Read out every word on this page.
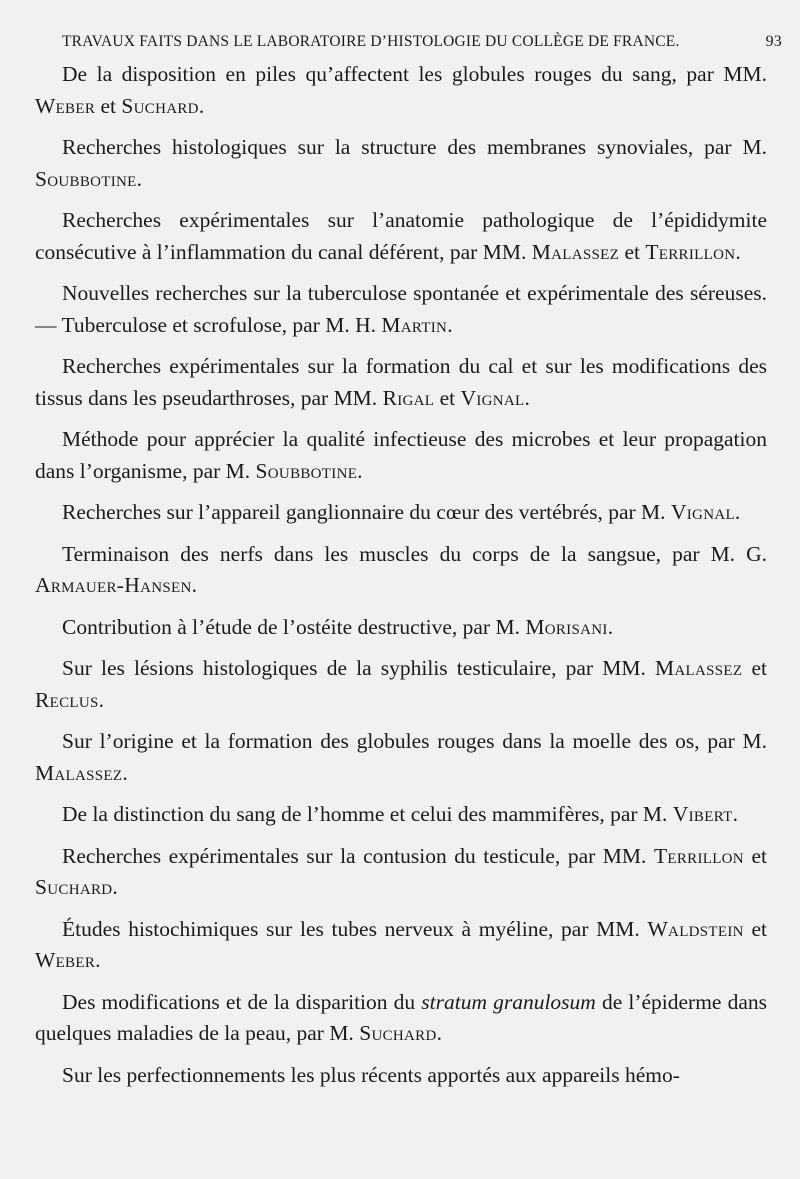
TRAVAUX FAITS DANS LE LABORATOIRE D’HISTOLOGIE DU COLLÈGE DE FRANCE.	93

De la disposition en piles qu’affectent les globules rouges du sang, par MM. Weber et Suchard.

Recherches histologiques sur la structure des membranes synoviales, par M. Soubbotine.

Recherches expérimentales sur l’anatomie pathologique de l’épididymite consécutive à l’inflammation du canal déférent, par MM. Malassez et Terrillon.

Nouvelles recherches sur la tuberculose spontanée et expérimentale des séreuses. — Tuberculose et scrofulose, par M. H. Martin.

Recherches expérimentales sur la formation du cal et sur les modifications des tissus dans les pseudarthroses, par MM. Rigal et Vignal.

Méthode pour apprécier la qualité infectieuse des microbes et leur propagation dans l’organisme, par M. Soubbotine.

Recherches sur l’appareil ganglionnaire du cœur des vertébrés, par M. Vignal.

Terminaison des nerfs dans les muscles du corps de la sangsue, par M. G. Armauer-Hansen.

Contribution à l’étude de l’ostéite destructive, par M. Morisani.

Sur les lésions histologiques de la syphilis testiculaire, par MM. Malassez et Reclus.

Sur l’origine et la formation des globules rouges dans la moelle des os, par M. Malassez.

De la distinction du sang de l’homme et celui des mammifères, par M. Vibert.

Recherches expérimentales sur la contusion du testicule, par MM. Terrillon et Suchard.

Études histochimiques sur les tubes nerveux à myéline, par MM. Waldstein et Weber.

Des modifications et de la disparition du stratum granulosum de l’épiderme dans quelques maladies de la peau, par M. Suchard.

Sur les perfectionnements les plus récents apportés aux appareils hémo-
